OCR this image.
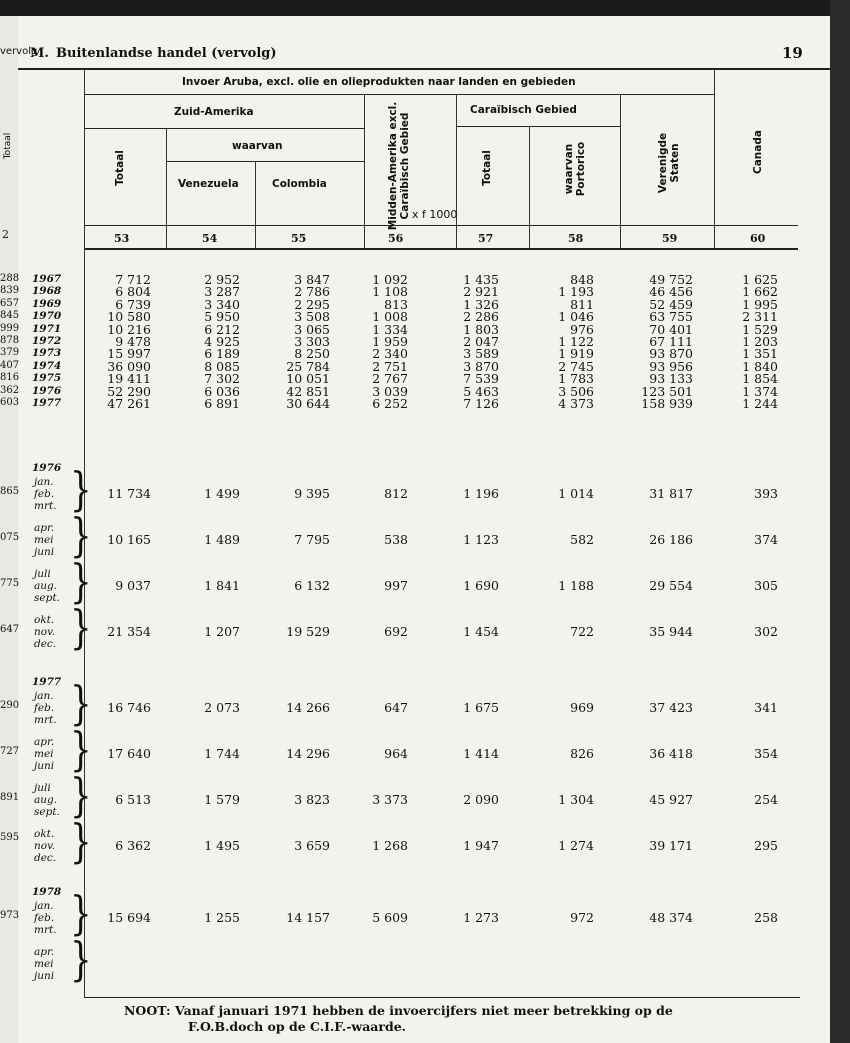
vervolg
Totaal
2
288
839
657
845
999
878
379
407
816
362
603
865
075
775
647
290
727
891
595
973
M. Buitenlandse handel (vervolg)	19
Invoer Aruba, excl. olie en olieprodukten naar landen en gebieden
Zuid-Amerika
waarvan
Caraïbisch Gebied
x f 1000
Totaal	Venezuela	Colombia	Midden-Amerika excl. Caraïbisch Gebied	Totaal	waarvan Portorico	Verenigde Staten	Canada
53	54	55	56	57	58	59	60
1967	7 712	2 952	3 847	1 092	1 435	848	49 752	1 625
1968	6 804	3 287	2 786	1 108	2 921	1 193	46 456	1 662
1969	6 739	3 340	2 295	813	1 326	811	52 459	1 995
1970	10 580	5 950	3 508	1 008	2 286	1 046	63 755	2 311
1971	10 216	6 212	3 065	1 334	1 803	976	70 401	1 529
1972	9 478	4 925	3 303	1 959	2 047	1 122	67 111	1 203
1973	15 997	6 189	8 250	2 340	3 589	1 919	93 870	1 351
1974	36 090	8 085	25 784	2 751	3 870	2 745	93 956	1 840
1975	19 411	7 302	10 051	2 767	7 539	1 783	93 133	1 854
1976	52 290	6 036	42 851	3 039	5 463	3 506	123 501	1 374
1977	47 261	6 891	30 644	6 252	7 126	4 373	158 939	1 244
1976
jan.
feb.
mrt. }	11 734	1 499	9 395	812	1 196	1 014	31 817	393
apr.
mei
juni }	10 165	1 489	7 795	538	1 123	582	26 186	374
juli
aug.
sept. }	9 037	1 841	6 132	997	1 690	1 188	29 554	305
okt.
nov.
dec. }	21 354	1 207	19 529	692	1 454	722	35 944	302
1977
jan.
feb.
mrt. }	16 746	2 073	14 266	647	1 675	969	37 423	341
apr.
mei
juni }	17 640	1 744	14 296	964	1 414	826	36 418	354
juli
aug.
sept. }	6 513	1 579	3 823	3 373	2 090	1 304	45 927	254
okt.
nov.
dec. }	6 362	1 495	3 659	1 268	1 947	1 274	39 171	295
1978
jan.
feb.
mrt. }	15 694	1 255	14 157	5 609	1 273	972	48 374	258
apr.
mei
juni }
NOOT: Vanaf januari 1971 hebben de invoercijfers niet meer betrekking op de
F.O.B.doch op de C.I.F.-waarde.
